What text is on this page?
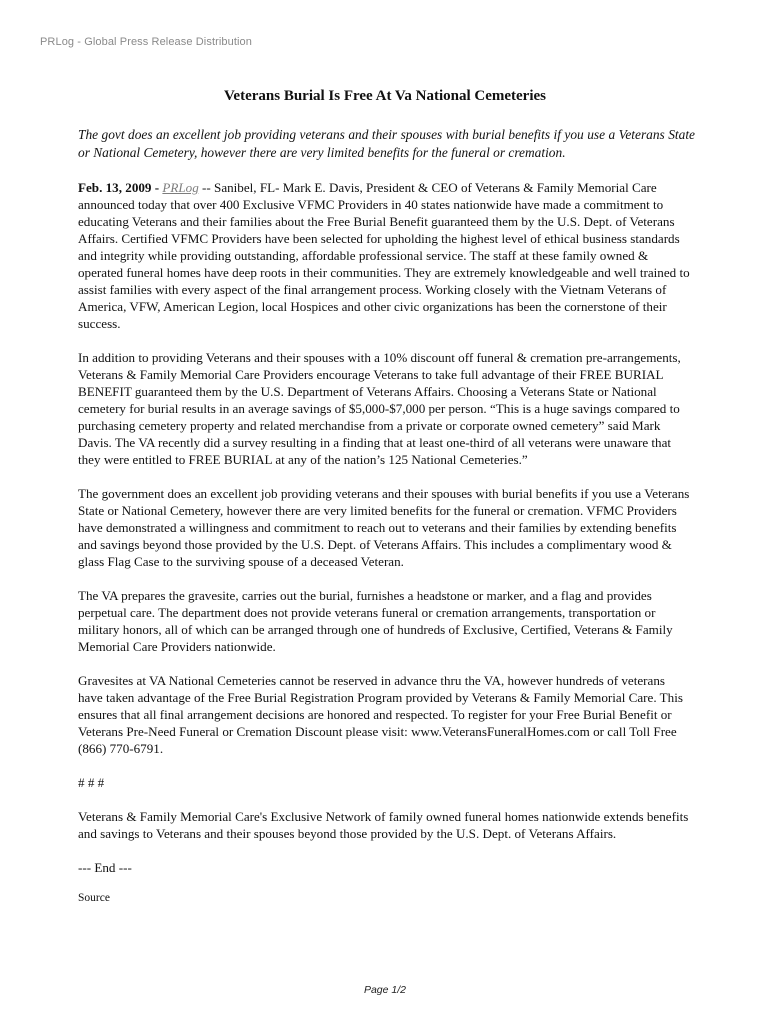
PRLog - Global Press Release Distribution
Veterans Burial Is Free At Va National Cemeteries
The govt does an excellent job providing veterans and their spouses with burial benefits if you use a Veterans State or National Cemetery, however there are very limited benefits for the funeral or cremation.

Feb. 13, 2009 - PRLog -- Sanibel, FL- Mark E. Davis, President & CEO of Veterans & Family Memorial Care announced today that over 400 Exclusive VFMC Providers in 40 states nationwide have made a commitment to educating Veterans and their families about the Free Burial Benefit guaranteed them by the U.S. Dept. of Veterans Affairs. Certified VFMC Providers have been selected for upholding the highest level of ethical business standards and integrity while providing outstanding, affordable professional service. The staff at these family owned & operated funeral homes have deep roots in their communities. They are extremely knowledgeable and well trained to assist families with every aspect of the final arrangement process. Working closely with the Vietnam Veterans of America, VFW, American Legion, local Hospices and other civic organizations has been the cornerstone of their success.

In addition to providing Veterans and their spouses with a 10% discount off funeral & cremation pre-arrangements, Veterans & Family Memorial Care Providers encourage Veterans to take full advantage of their FREE BURIAL BENEFIT guaranteed them by the U.S. Department of Veterans Affairs. Choosing a Veterans State or National cemetery for burial results in an average savings of $5,000-$7,000 per person. “This is a huge savings compared to purchasing cemetery property and related merchandise from a private or corporate owned cemetery” said Mark Davis. The VA recently did a survey resulting in a finding that at least one-third of all veterans were unaware that they were entitled to FREE BURIAL at any of the nation’s 125 National Cemeteries.”

The government does an excellent job providing veterans and their spouses with burial benefits if you use a Veterans State or National Cemetery, however there are very limited benefits for the funeral or cremation. VFMC Providers have demonstrated a willingness and commitment to reach out to veterans and their families by extending benefits and savings beyond those provided by the U.S. Dept. of Veterans Affairs. This includes a complimentary wood & glass Flag Case to the surviving spouse of a deceased Veteran.

The VA prepares the gravesite, carries out the burial, furnishes a headstone or marker, and a flag and provides perpetual care. The department does not provide veterans funeral or cremation arrangements, transportation or military honors, all of which can be arranged through one of hundreds of Exclusive, Certified, Veterans & Family Memorial Care Providers nationwide.

Gravesites at VA National Cemeteries cannot be reserved in advance thru the VA, however hundreds of veterans have taken advantage of the Free Burial Registration Program provided by Veterans & Family Memorial Care. This ensures that all final arrangement decisions are honored and respected. To register for your Free Burial Benefit or Veterans Pre-Need Funeral or Cremation Discount please visit: www.VeteransFuneralHomes.com or call Toll Free (866) 770-6791.

# # #

Veterans & Family Memorial Care's Exclusive Network of family owned funeral homes nationwide extends benefits and savings to Veterans and their spouses beyond those provided by the U.S. Dept. of Veterans Affairs.

--- End ---

Source

Page 1/2
